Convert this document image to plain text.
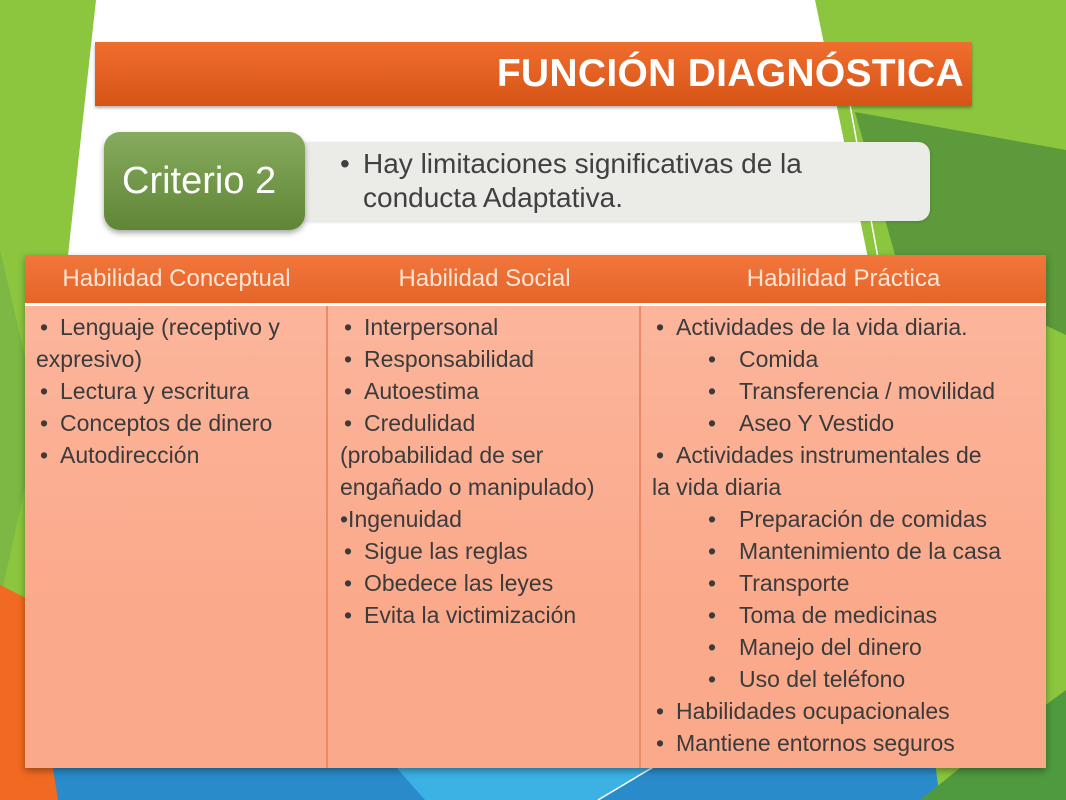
FUNCIÓN DIAGNÓSTICA
Criterio 2 • Hay limitaciones significativas de la
conducta Adaptativa.
Habilidad Conceptual	Habilidad Social	Habilidad Práctica
• Lenguaje (receptivo y
expresivo)
• Lectura y escritura
• Conceptos de dinero
• Autodirección
• Interpersonal
• Responsabilidad
• Autoestima
• Credulidad
(probabilidad de ser
engañado o manipulado)
•Ingenuidad
• Sigue las reglas
• Obedece las leyes
• Evita la victimización
• Actividades de la vida diaria.
• Comida
• Transferencia / movilidad
• Aseo Y Vestido
• Actividades instrumentales de
la vida diaria
• Preparación de comidas
• Mantenimiento de la casa
• Transporte
• Toma de medicinas
• Manejo del dinero
• Uso del teléfono
• Habilidades ocupacionales
• Mantiene entornos seguros
